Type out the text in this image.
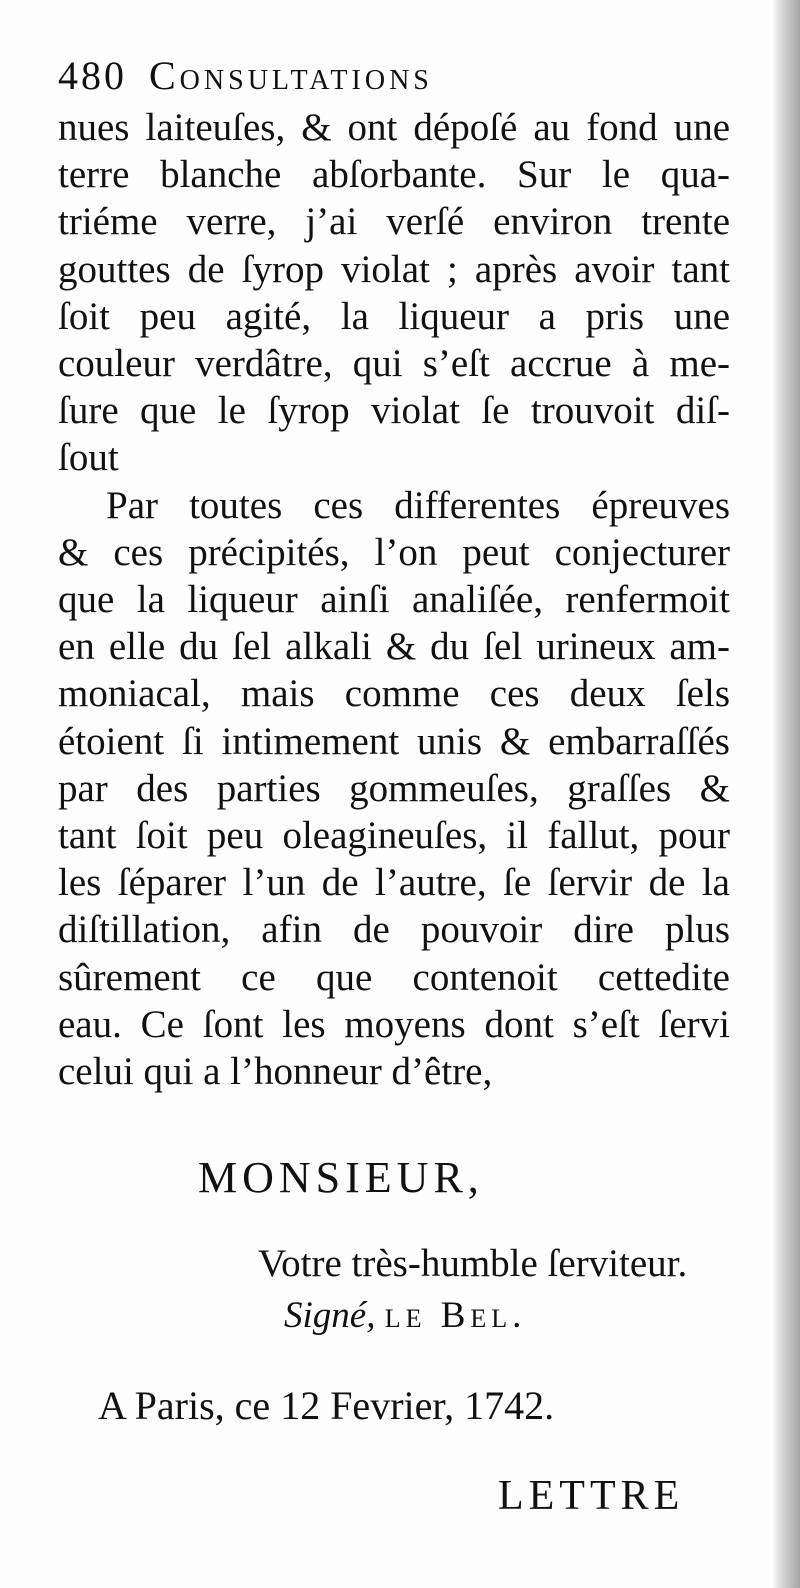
480 Consultations
nues laiteuſes, & ont dépoſé au fond une
terre blanche abſorbante. Sur le qua-
triéme verre, j’ai verſé environ trente
gouttes de ſyrop violat ; après avoir tant
ſoit peu agité, la liqueur a pris une
couleur verdâtre, qui s’eſt accrue à me-
ſure que le ſyrop violat ſe trouvoit diſ-
ſout
Par toutes ces differentes épreuves
& ces précipités, l’on peut conjecturer
que la liqueur ainſi analiſée, renfermoit
en elle du ſel alkali & du ſel urineux am-
moniacal, mais comme ces deux ſels
étoient ſi intimement unis & embarraſſés
par des parties gommeuſes, graſſes &
tant ſoit peu oleagineuſes, il fallut, pour
les ſéparer l’un de l’autre, ſe ſervir de la
diſtillation, afin de pouvoir dire plus
sûrement ce que contenoit cettedite
eau. Ce ſont les moyens dont s’eſt ſervi
celui qui a l’honneur d’être,
MONSIEUR,
Votre très-humble ſerviteur.
Signé, le Bel.
A Paris, ce 12 Fevrier, 1742.
LETTRE
